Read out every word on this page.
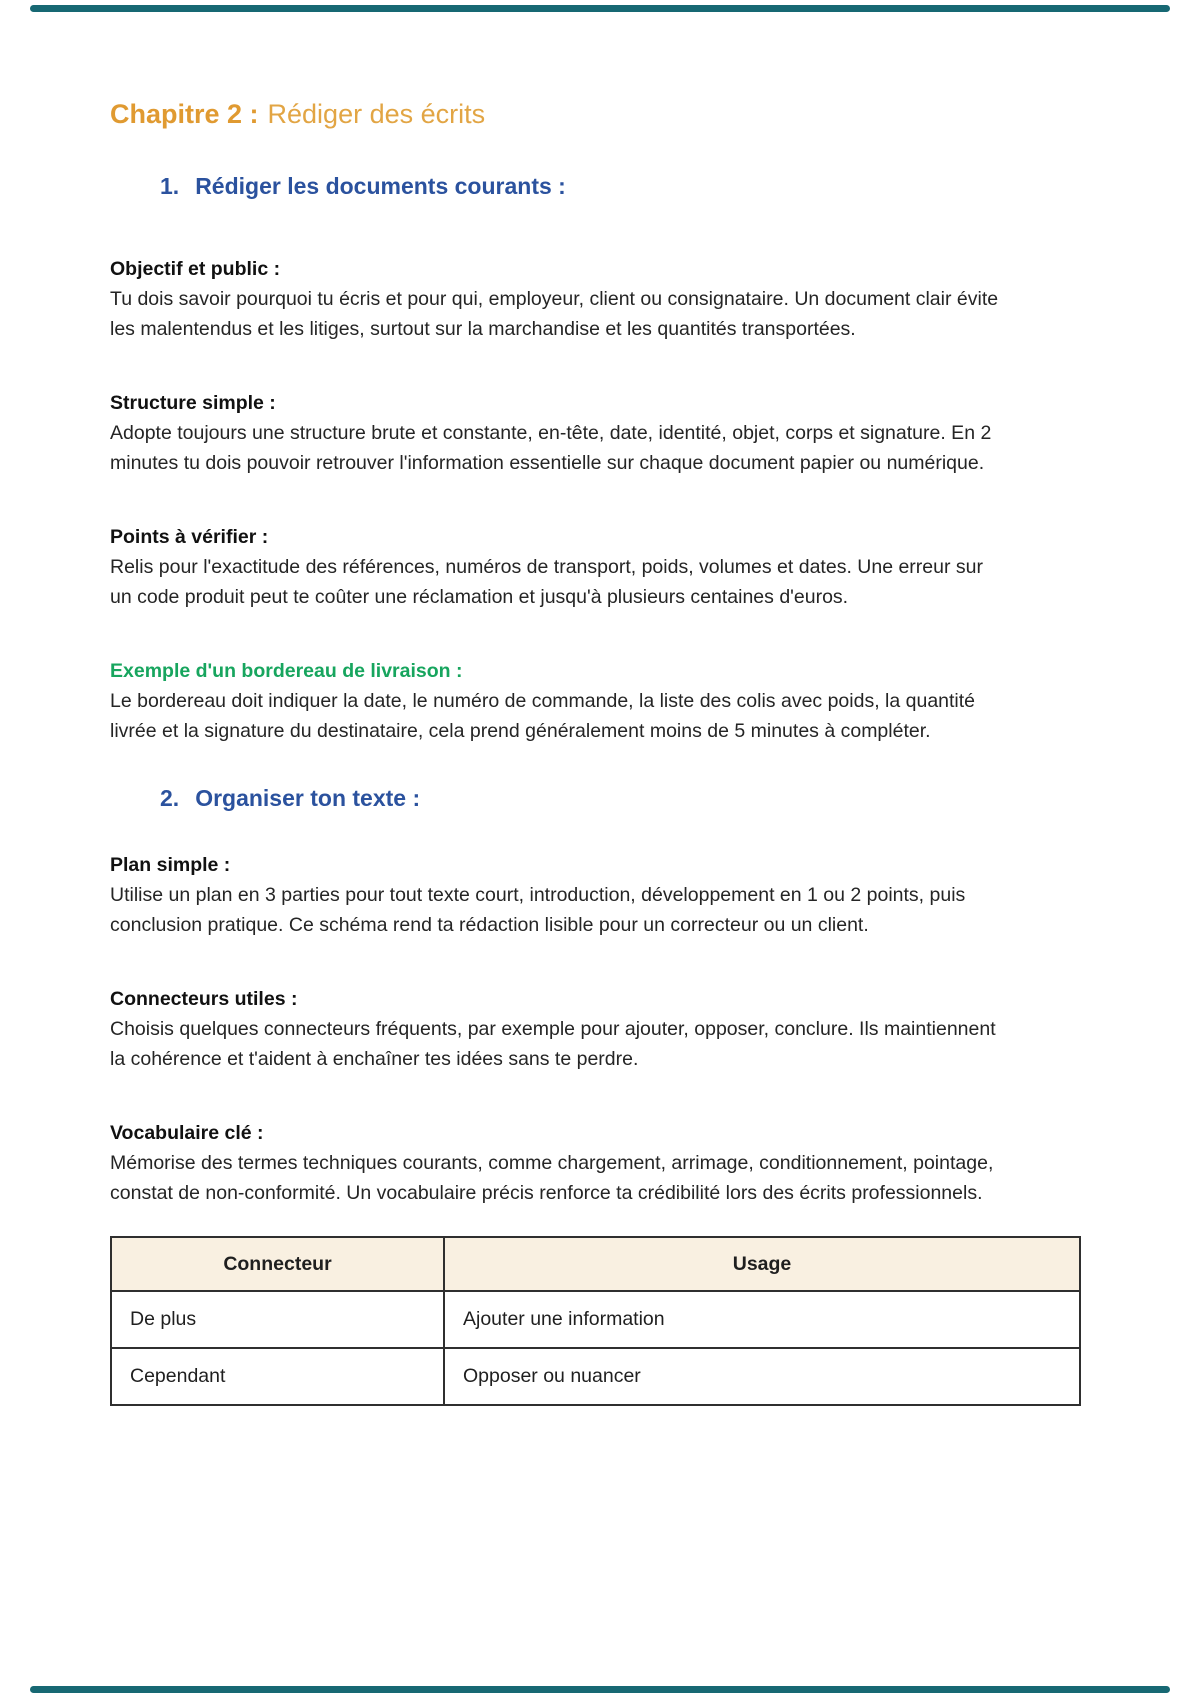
Chapitre 2 : Rédiger des écrits
1. Rédiger les documents courants :
Objectif et public :

Tu dois savoir pourquoi tu écris et pour qui, employeur, client ou consignataire. Un document clair évite les malentendus et les litiges, surtout sur la marchandise et les quantités transportées.

Structure simple :

Adopte toujours une structure brute et constante, en-tête, date, identité, objet, corps et signature. En 2 minutes tu dois pouvoir retrouver l'information essentielle sur chaque document papier ou numérique.

Points à vérifier :

Relis pour l'exactitude des références, numéros de transport, poids, volumes et dates. Une erreur sur un code produit peut te coûter une réclamation et jusqu'à plusieurs centaines d'euros.

Exemple d'un bordereau de livraison :

Le bordereau doit indiquer la date, le numéro de commande, la liste des colis avec poids, la quantité livrée et la signature du destinataire, cela prend généralement moins de 5 minutes à compléter.

2. Organiser ton texte :
Plan simple :

Utilise un plan en 3 parties pour tout texte court, introduction, développement en 1 ou 2 points, puis conclusion pratique. Ce schéma rend ta rédaction lisible pour un correcteur ou un client.

Connecteurs utiles :

Choisis quelques connecteurs fréquents, par exemple pour ajouter, opposer, conclure. Ils maintiennent la cohérence et t'aident à enchaîner tes idées sans te perdre.

Vocabulaire clé :

Mémorise des termes techniques courants, comme chargement, arrimage, conditionnement, pointage, constat de non-conformité. Un vocabulaire précis renforce ta crédibilité lors des écrits professionnels.

Connecteur	Usage
De plus	Ajouter une information
Cependant	Opposer ou nuancer
